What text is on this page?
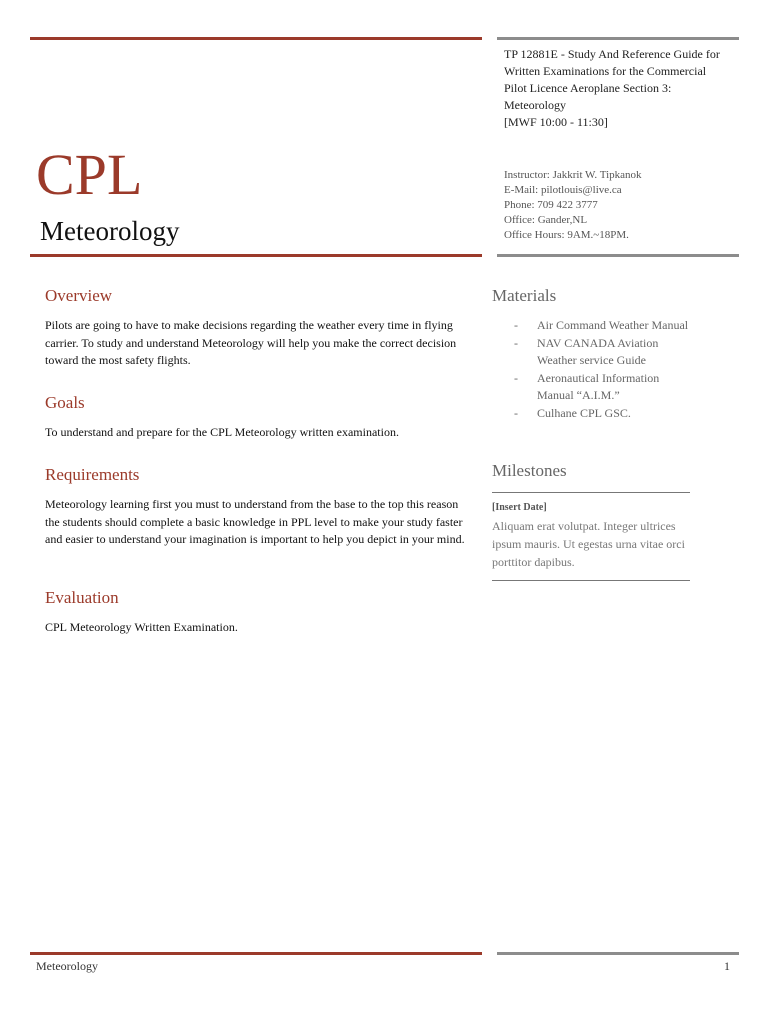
TP 12881E - Study And Reference Guide for
Written Examinations for the Commercial
Pilot Licence Aeroplane Section 3:
Meteorology
[MWF 10:00 - 11:30]
Instructor: Jakkrit W. Tipkanok
E-Mail: pilotlouis@live.ca
Phone: 709 422 3777
Office: Gander,NL
Office Hours: 9AM.~18PM.
CPL
Meteorology
Overview

Pilots are going to have to make decisions regarding the weather every time in flying carrier. To study and understand Meteorology will help you make the correct decision toward the most safety flights.

Goals

To understand and prepare for the CPL Meteorology written examination.

Requirements

Meteorology learning first you must to understand from the base to the top this reason the students should complete a basic knowledge in PPL level to make your study faster and easier to understand your imagination is important to help you depict in your mind.

Evaluation

CPL Meteorology Written Examination.

Materials
- Air Command Weather Manual
- NAV CANADA Aviation Weather service Guide
- Aeronautical Information Manual “A.I.M.”
- Culhane CPL GSC.
Milestones
[Insert Date]
Aliquam erat volutpat. Integer ultrices ipsum mauris. Ut egestas urna vitae orci porttitor dapibus.
Meteorology	1
